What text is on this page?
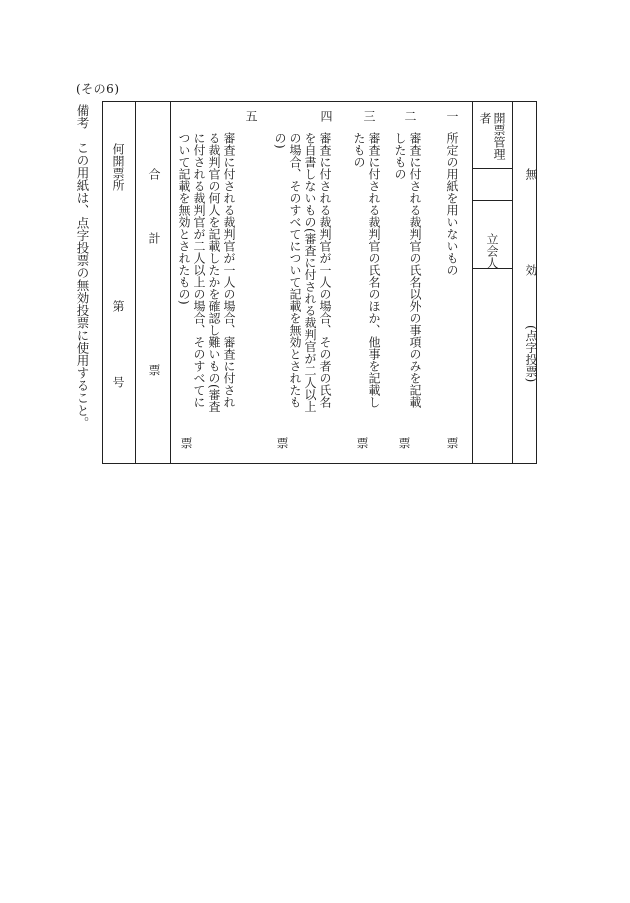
(その6)
備考　この用紙は、点字投票の無効投票に使用すること。	無
効
(点字投票)
開票管理者
立会人
一
所定の用紙を用いないもの
票
二
審査に付される裁判官の氏名以外の事項のみを記載したもの
票
三
審査に付される裁判官の氏名のほか、他事を記載したもの
票
四
審査に付される裁判官が一人の場合、その者の氏名を自書しないもの(審査に付される裁判官が二人以上の場合、そのすべてについて記載を無効とされたもの)
票
五
審査に付される裁判官が一人の場合、審査に付される裁判官の何人を記載したかを確認し難いもの(審査に付される裁判官が二人以上の場合、そのすべてについて記載を無効とされたもの)
票
合
計
票
何開票所
第
号
